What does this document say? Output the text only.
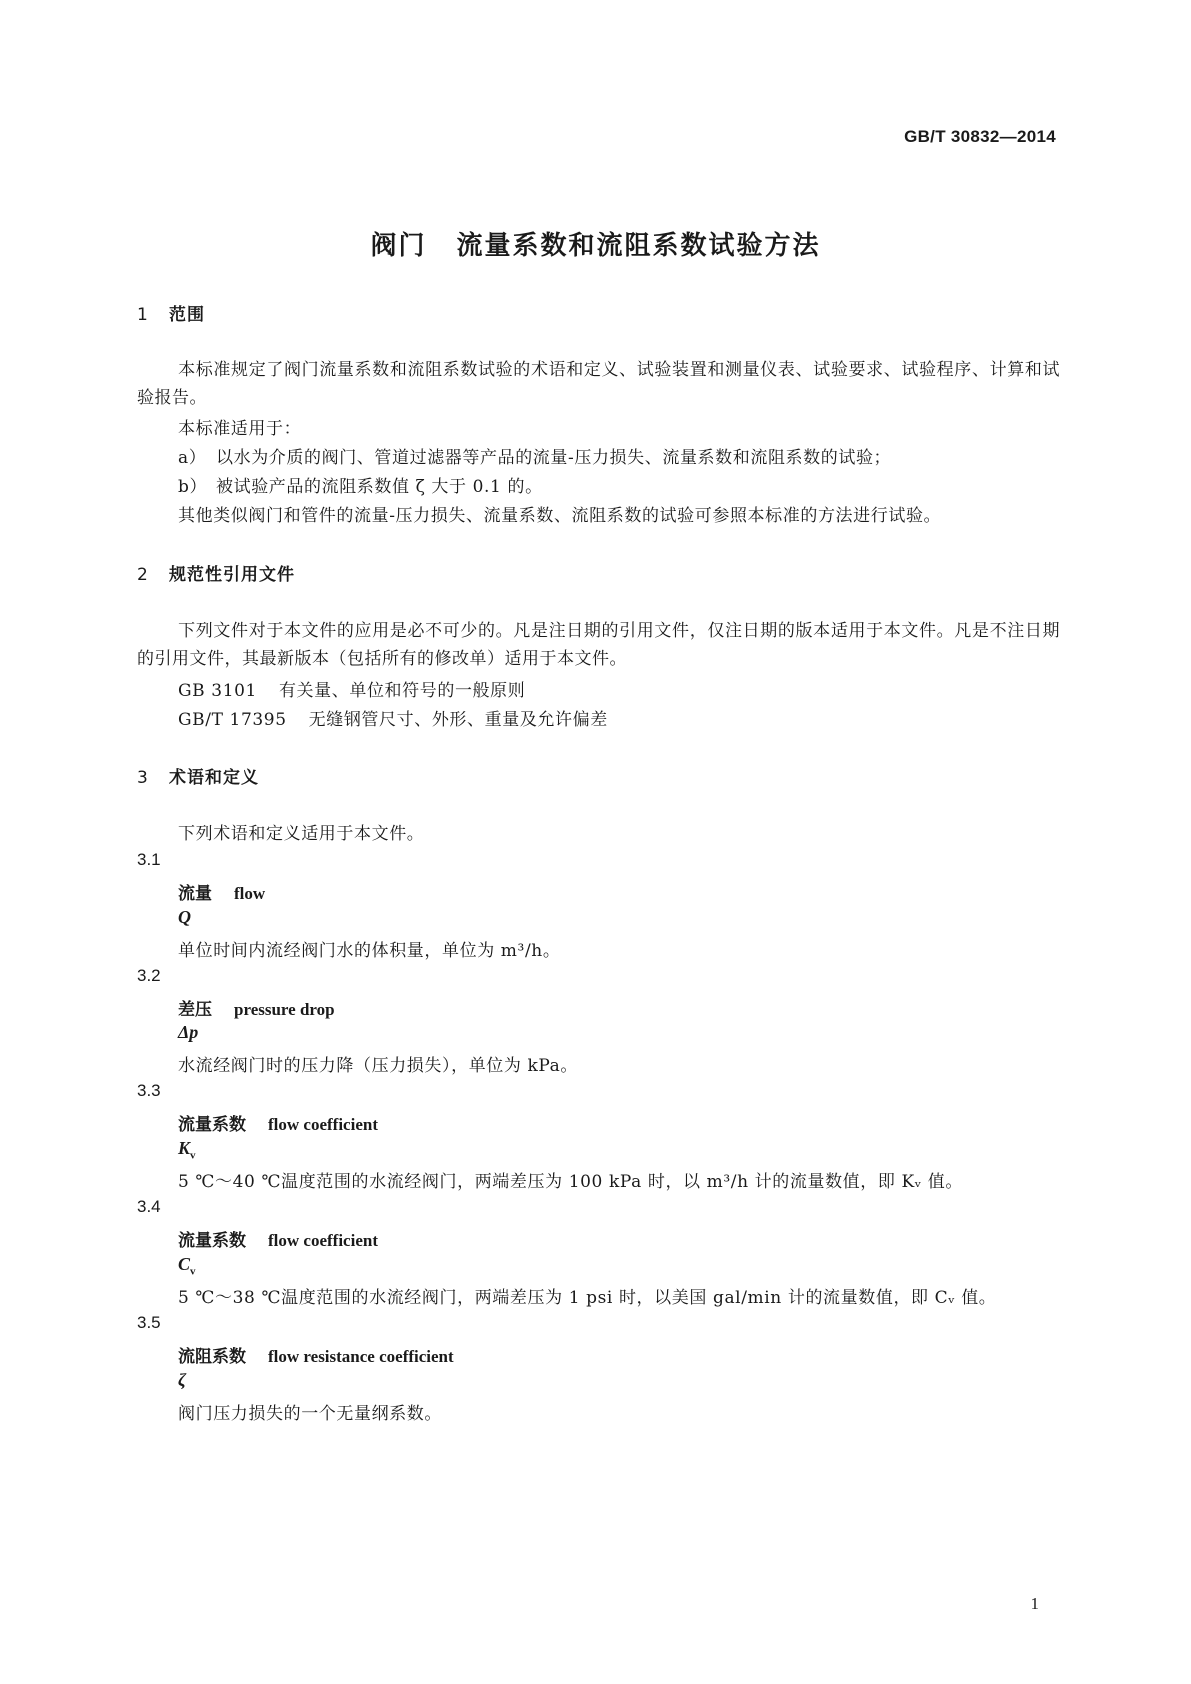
GB/T 30832—2014
阀门 流量系数和流阻系数试验方法
1 范围
本标准规定了阀门流量系数和流阻系数试验的术语和定义、试验装置和测量仪表、试验要求、试验程序、计算和试验报告。
本标准适用于：
a） 以水为介质的阀门、管道过滤器等产品的流量-压力损失、流量系数和流阻系数的试验；
b） 被试验产品的流阻系数值 ζ 大于 0.1 的。
其他类似阀门和管件的流量-压力损失、流量系数、流阻系数的试验可参照本标准的方法进行试验。
2 规范性引用文件
下列文件对于本文件的应用是必不可少的。凡是注日期的引用文件，仅注日期的版本适用于本文件。凡是不注日期的引用文件，其最新版本（包括所有的修改单）适用于本文件。
GB 3101 有关量、单位和符号的一般原则
GB/T 17395 无缝钢管尺寸、外形、重量及允许偏差
3 术语和定义
下列术语和定义适用于本文件。
3.1
流量 flow
Q
单位时间内流经阀门水的体积量，单位为 m³/h。
3.2
差压 pressure drop
Δp
水流经阀门时的压力降（压力损失），单位为 kPa。
3.3
流量系数 flow coefficient
$K_v$
5 ℃～40 ℃温度范围的水流经阀门，两端差压为 100 kPa 时，以 m³/h 计的流量数值，即 Kᵥ 值。
3.4
流量系数 flow coefficient
$C_v$
5 ℃～38 ℃温度范围的水流经阀门，两端差压为 1 psi 时，以美国 gal/min 计的流量数值，即 Cᵥ 值。
3.5
流阻系数 flow resistance coefficient
ζ
阀门压力损失的一个无量纲系数。
1
